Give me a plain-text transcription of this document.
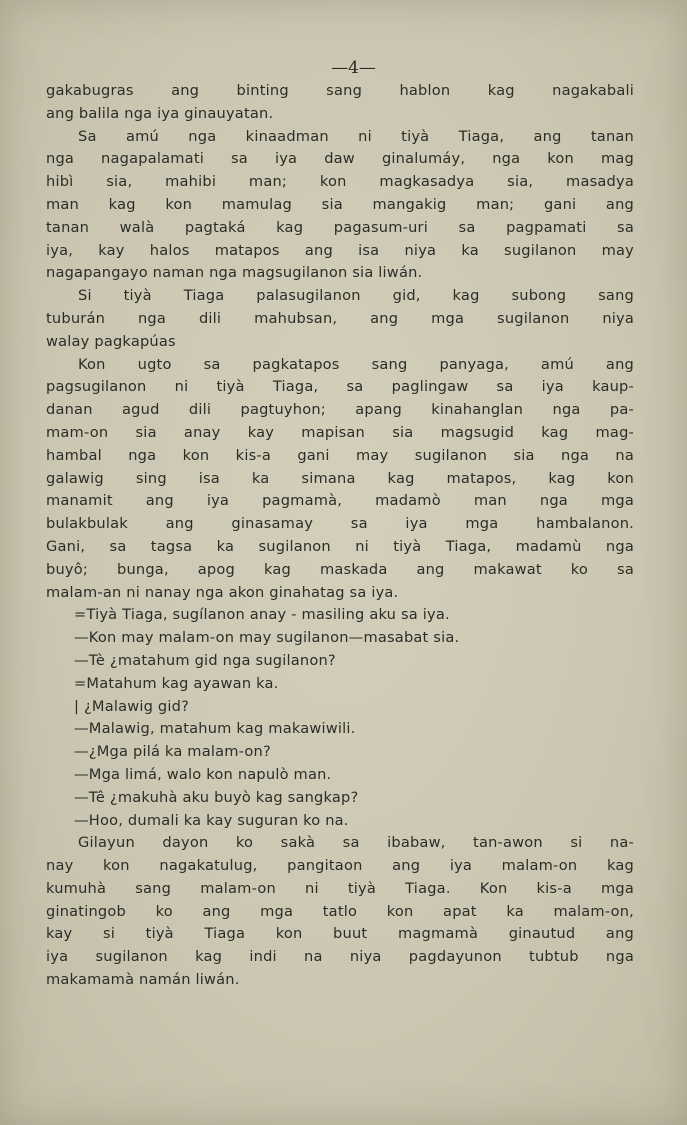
—4—
gakabugras ang binting sang hablon kag nagakabali
ang balila nga iya ginauyatan.
Sa amú nga kinaadman ni tiyà Tiaga, ang tanan
nga nagapalamati sa iya daw ginalumáy, nga kon mag
hibì sia, mahibi man; kon magkasadya sia, masadya
man kag kon mamulag sia mangakig man; gani ang
tanan walà pagtaká kag pagasum-uri sa pagpamati sa
iya, kay halos matapos ang isa niya ka sugilanon may
nagapangayo naman nga magsugilanon sia liwán.
Si tiyà Tiaga palasugilanon gid, kag subong sang
tuburán nga dili mahubsan, ang mga sugilanon niya
walay pagkapúas
Kon ugto sa pagkatapos sang panyaga, amú ang
pagsugilanon ni tiyà Tiaga, sa paglingaw sa iya kaup-
danan agud dili pagtuyhon; apang kinahanglan nga pa-
mam-on sia anay kay mapisan sia magsugid kag mag-
hambal nga kon kis-a gani may sugilanon sia nga na
galawig sing isa ka simana kag matapos, kag kon
manamit ang iya pagmamà, madamò man nga mga
bulakbulak ang ginasamay sa iya mga hambalanon.
Gani, sa tagsa ka sugilanon ni tiyà Tiaga, madamù nga
buyô; bunga, apog kag maskada ang makawat ko sa
malam-an ni nanay nga akon ginahatag sa iya.
=Tiyà Tiaga, sugílanon anay - masiling aku sa iya.
—Kon may malam-on may sugilanon—masabat sia.
—Tè ¿matahum gid nga sugilanon?
=Matahum kag ayawan ka.
| ¿Malawig gid?
—Malawig, matahum kag makawiwili.
—¿Mga pilá ka malam-on?
—Mga limá, walo kon napulò man.
—Tê ¿makuhà aku buyò kag sangkap?
—Hoo, dumali ka kay suguran ko na.
Gilayun dayon ko sakà sa ibabaw, tan-awon si na-
nay kon nagakatulug, pangitaon ang iya malam-on kag
kumuhà sang malam-on ni tiyà Tiaga. Kon kis-a mga
ginatingob ko ang mga tatlo kon apat ka malam-on,
kay si tiyà Tiaga kon buut magmamà ginautud ang
iya sugilanon kag indi na niya pagdayunon tubtub nga
makamamà namán liwán.
